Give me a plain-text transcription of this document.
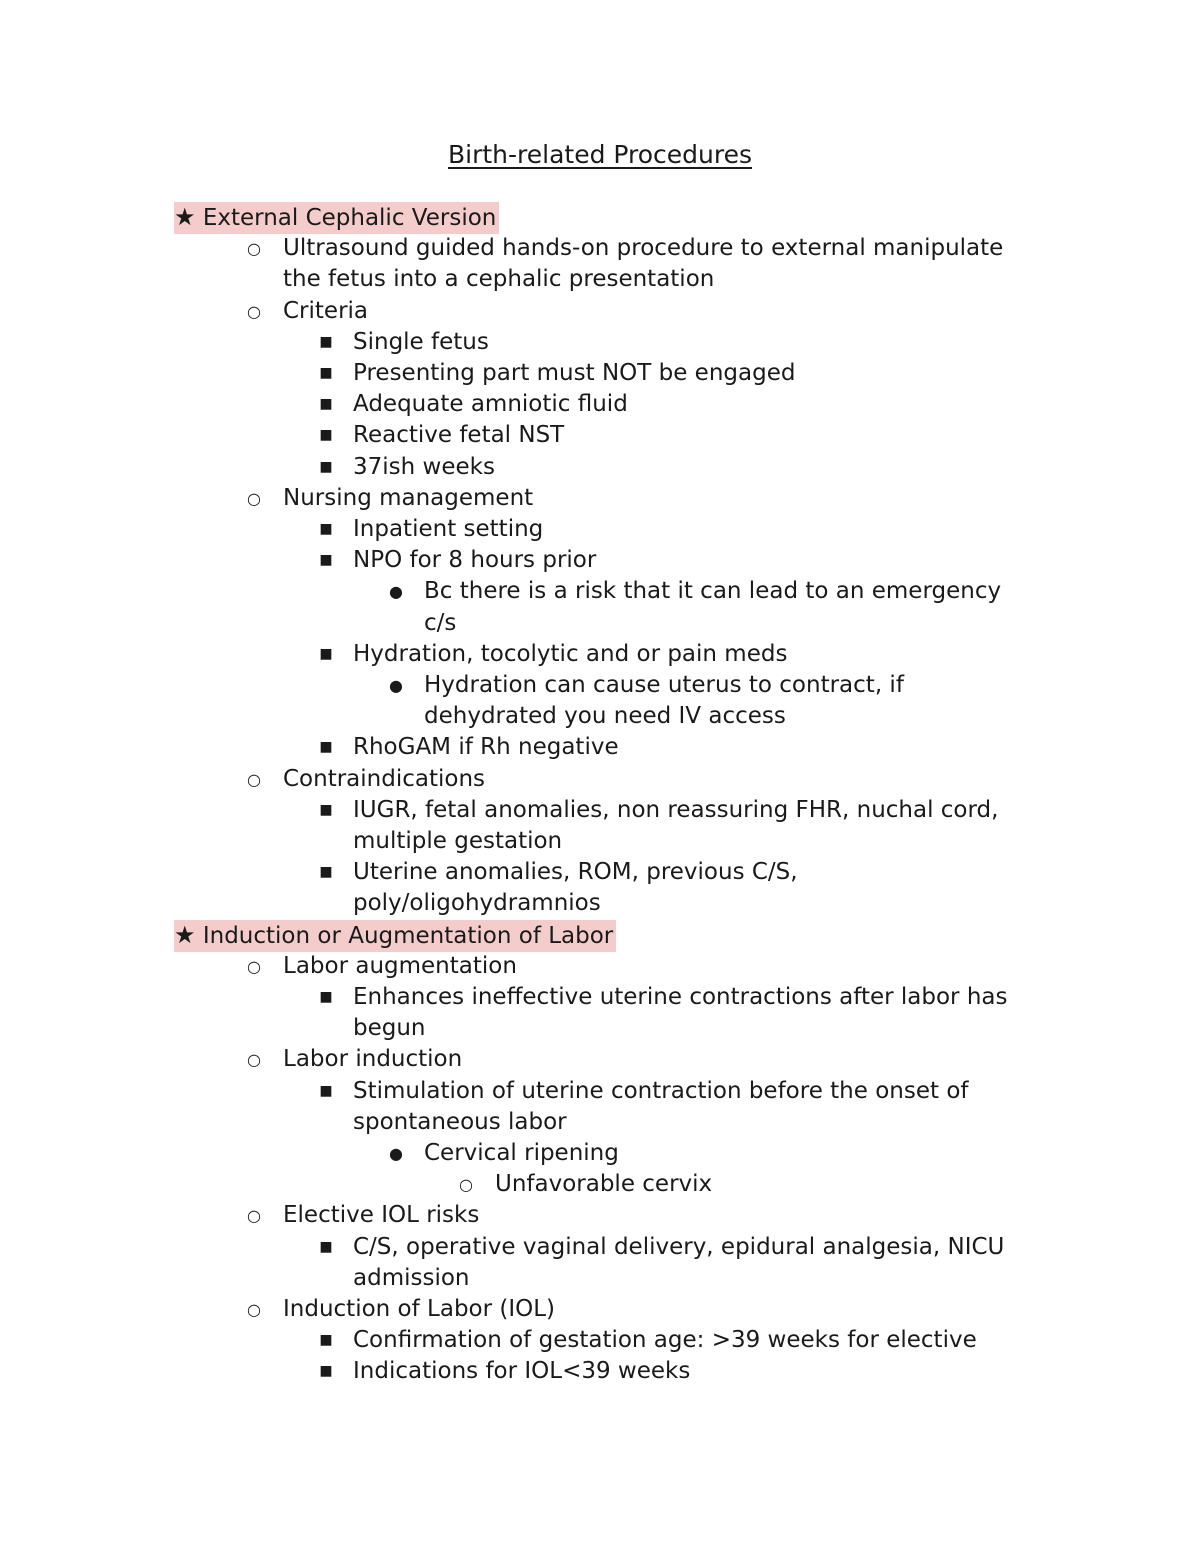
Birth-related Procedures
★ External Cephalic Version

○ Ultrasound guided hands-on procedure to external manipulate
the fetus into a cephalic presentation
○ Criteria
■ Single fetus
■ Presenting part must NOT be engaged
■ Adequate amniotic fluid
■ Reactive fetal NST
■ 37ish weeks
○ Nursing management
■ Inpatient setting
■ NPO for 8 hours prior
● Bc there is a risk that it can lead to an emergency
c/s
■ Hydration, tocolytic and or pain meds
● Hydration can cause uterus to contract, if
dehydrated you need IV access
■ RhoGAM if Rh negative
○ Contraindications
■ IUGR, fetal anomalies, non reassuring FHR, nuchal cord,
multiple gestation
■ Uterine anomalies, ROM, previous C/S,
poly/oligohydramnios
★ Induction or Augmentation of Labor

○ Labor augmentation
■ Enhances ineffective uterine contractions after labor has
begun
○ Labor induction
■ Stimulation of uterine contraction before the onset of
spontaneous labor
● Cervical ripening
○ Unfavorable cervix
○ Elective IOL risks
■ C/S, operative vaginal delivery, epidural analgesia, NICU
admission
○ Induction of Labor (IOL)
■ Confirmation of gestation age: >39 weeks for elective
■ Indications for IOL<39 weeks
